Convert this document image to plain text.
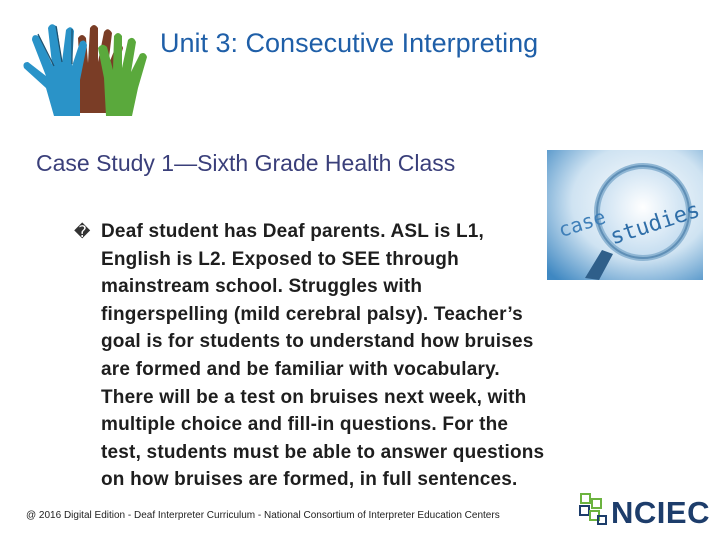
Unit 3: Consecutive Interpreting
Case Study 1—Sixth Grade Health Class
� Deaf student has Deaf parents. ASL is L1, English is L2. Exposed to SEE through mainstream school. Struggles with fingerspelling (mild cerebral palsy). Teacher’s goal is for students to understand how bruises are formed and be familiar with vocabulary. There will be a test on bruises next week, with multiple choice and fill-in questions. For the test, students must be able to answer questions on how bruises are formed, in full sentences.
case
studies
@ 2016 Digital Edition - Deaf Interpreter Curriculum - National Consortium of Interpreter Education Centers	NCIEC
